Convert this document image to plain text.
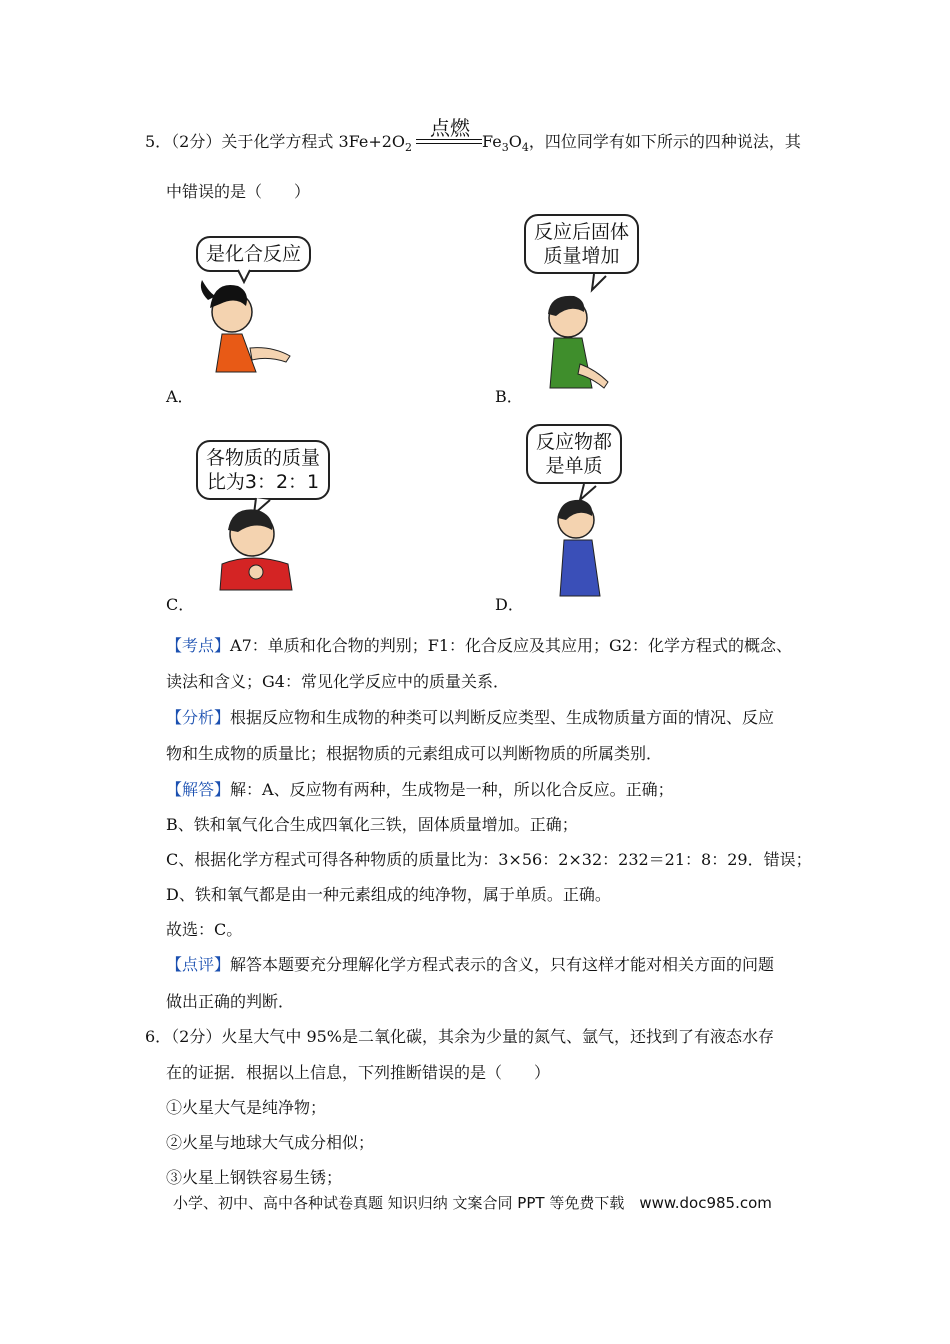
5．（2分）关于化学方程式 $3Fe+2O_2$	$Fe_3O_4$，四位同学有如下所示的四种说法，其
点燃
中错误的是（　　）
是化合反应
A．
反应后固体
质量增加
B．
各物质的质量
比为3：2：1
C．
反应物都
是单质
D．
【考点】A7：单质和化合物的判别；F1：化合反应及其应用；G2：化学方程式的概念、
读法和含义；G4：常见化学反应中的质量关系．
【分析】根据反应物和生成物的种类可以判断反应类型、生成物质量方面的情况、反应
物和生成物的质量比；根据物质的元素组成可以判断物质的所属类别．
【解答】解：A、反应物有两种，生成物是一种，所以化合反应。正确；
B、铁和氧气化合生成四氧化三铁，固体质量增加。正确；
C、根据化学方程式可得各种物质的质量比为：3×56：2×32：232＝21：8：29．错误；
D、铁和氧气都是由一种元素组成的纯净物，属于单质。正确。
故选：C。
【点评】解答本题要充分理解化学方程式表示的含义，只有这样才能对相关方面的问题
做出正确的判断．
6．（2分）火星大气中 95%是二氧化碳，其余为少量的氮气、氩气，还找到了有液态水存
在的证据．根据以上信息，下列推断错误的是（　　）
①火星大气是纯净物；
②火星与地球大气成分相似；
③火星上钢铁容易生锈；
小学、初中、高中各种试卷真题 知识归纳 文案合同 PPT 等免费下载　www.doc985.com
